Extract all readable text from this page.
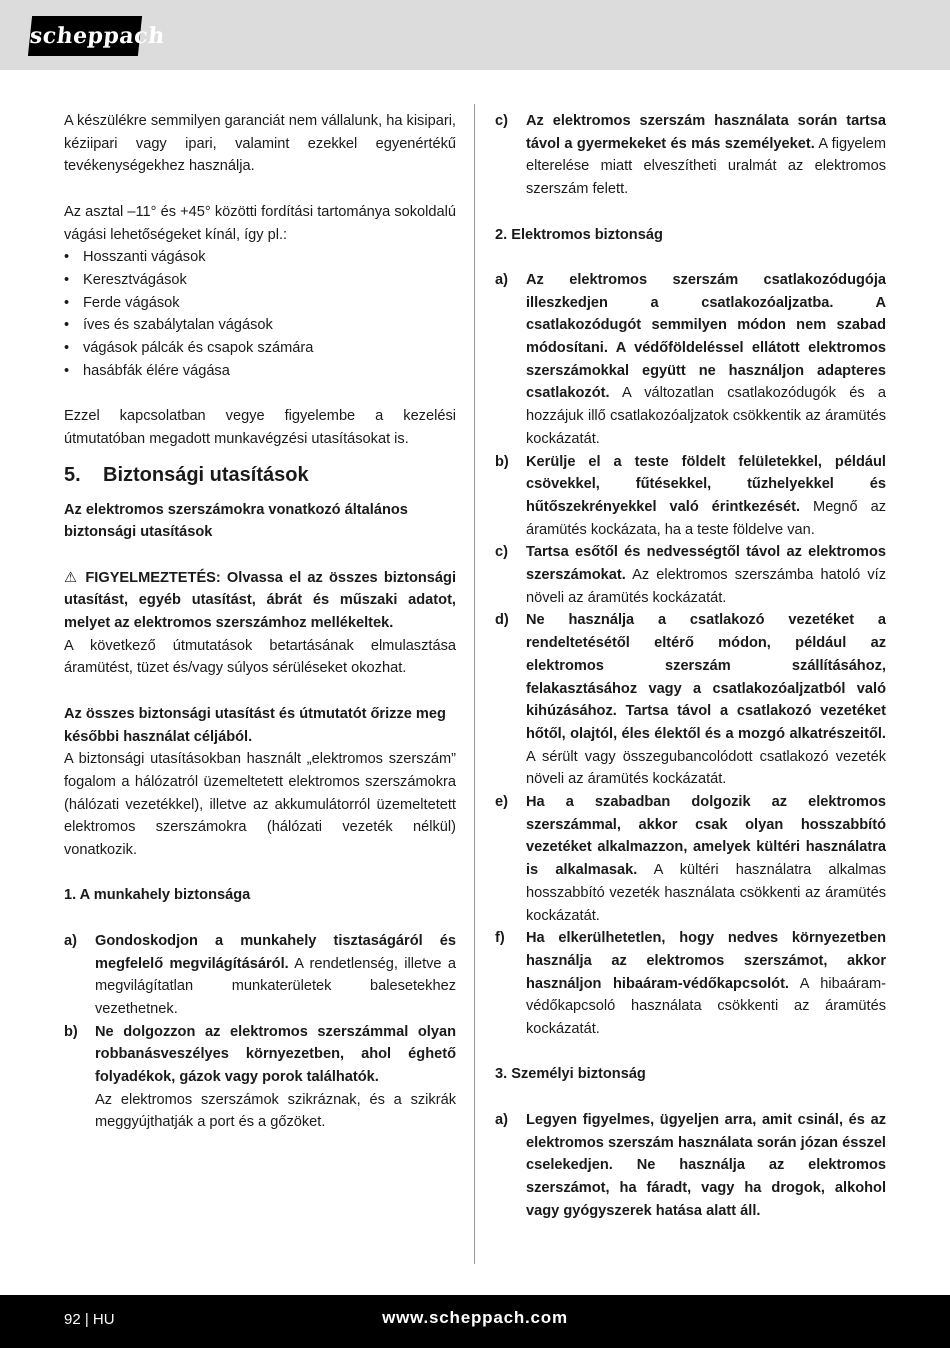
scheppach

A készülékre semmilyen garanciát nem vállalunk, ha kisipari, kéziipari vagy ipari, valamint ezekkel egyenértékű tevékenységekhez használja.

Az asztal –11° és +45° közötti fordítási tartománya sokoldalú vágási lehetőségeket kínál, így pl.:

• Hosszanti vágások
• Keresztvágások
• Ferde vágások
• íves és szabálytalan vágások
• vágások pálcák és csapok számára
• hasábfák élére vágása

Ezzel kapcsolatban vegye figyelembe a kezelési útmutatóban megadott munkavégzési utasításokat is.

5. Biztonsági utasítások

Az elektromos szerszámokra vonatkozó általános biztonsági utasítások

⚠ FIGYELMEZTETÉS: Olvassa el az összes biztonsági utasítást, egyéb utasítást, ábrát és műszaki adatot, melyet az elektromos szerszámhoz mellékeltek.

A következő útmutatások betartásának elmulasztása áramütést, tüzet és/vagy súlyos sérüléseket okozhat.

Az összes biztonsági utasítást és útmutatót őrizze meg későbbi használat céljából.

A biztonsági utasításokban használt „elektromos szerszám” fogalom a hálózatról üzemeltetett elektromos szerszámokra (hálózati vezetékkel), illetve az akkumulátorról üzemeltetett elektromos szerszámokra (hálózati vezeték nélkül) vonatkozik.

1. A munkahely biztonsága

a)	Gondoskodjon a munkahely tisztaságáról és megfelelő megvilágításáról. A rendetlenség, illetve a megvilágítatlan munkaterületek balesetekhez vezethetnek.
b)	Ne dolgozzon az elektromos szerszámmal olyan robbanásveszélyes környezetben, ahol éghető folyadékok, gázok vagy porok találhatók.
Az elektromos szerszámok szikráznak, és a szikrák meggyújthatják a port és a gőzöket.
c)	Az elektromos szerszám használata során tartsa távol a gyermekeket és más személyeket. A figyelem elterelése miatt elveszítheti uralmát az elektromos szerszám felett.

2. Elektromos biztonság

a)	Az elektromos szerszám csatlakozódugója illeszkedjen a csatlakozóaljzatba. A csatlakozódugót semmilyen módon nem szabad módosítani. A védőföldeléssel ellátott elektromos szerszámokkal együtt ne használjon adapteres csatlakozót. A változatlan csatlakozódugók és a hozzájuk illő csatlakozóaljzatok csökkentik az áramütés kockázatát.
b)	Kerülje el a teste földelt felületekkel, például csövekkel, fűtésekkel, tűzhelyekkel és hűtőszekrényekkel való érintkezését. Megnő az áramütés kockázata, ha a teste földelve van.
c)	Tartsa esőtől és nedvességtől távol az elektromos szerszámokat. Az elektromos szerszámba hatoló víz növeli az áramütés kockázatát.
d)	Ne használja a csatlakozó vezetéket a rendeltetésétől eltérő módon, például az elektromos szerszám szállításához, felakasztásához vagy a csatlakozóaljzatból való kihúzásához. Tartsa távol a csatlakozó vezetéket hőtől, olajtól, éles élektől és a mozgó alkatrészeitől. A sérült vagy összegubancolódott csatlakozó vezeték növeli az áramütés kockázatát.
e)	Ha a szabadban dolgozik az elektromos szerszámmal, akkor csak olyan hosszabbító vezetéket alkalmazzon, amelyek kültéri használatra is alkalmasak. A kültéri használatra alkalmas hosszabbító vezeték használata csökkenti az áramütés kockázatát.
f)	Ha elkerülhetetlen, hogy nedves környezetben használja az elektromos szerszámot, akkor használjon hibaáram-védőkapcsolót. A hibaáram-védőkapcsoló használata csökkenti az áramütés kockázatát.

3. Személyi biztonság

a)	Legyen figyelmes, ügyeljen arra, amit csinál, és az elektromos szerszám használata során józan ésszel cselekedjen. Ne használja az elektromos szerszámot, ha fáradt, vagy ha drogok, alkohol vagy gyógyszerek hatása alatt áll.
92 | HU	www.scheppach.com
